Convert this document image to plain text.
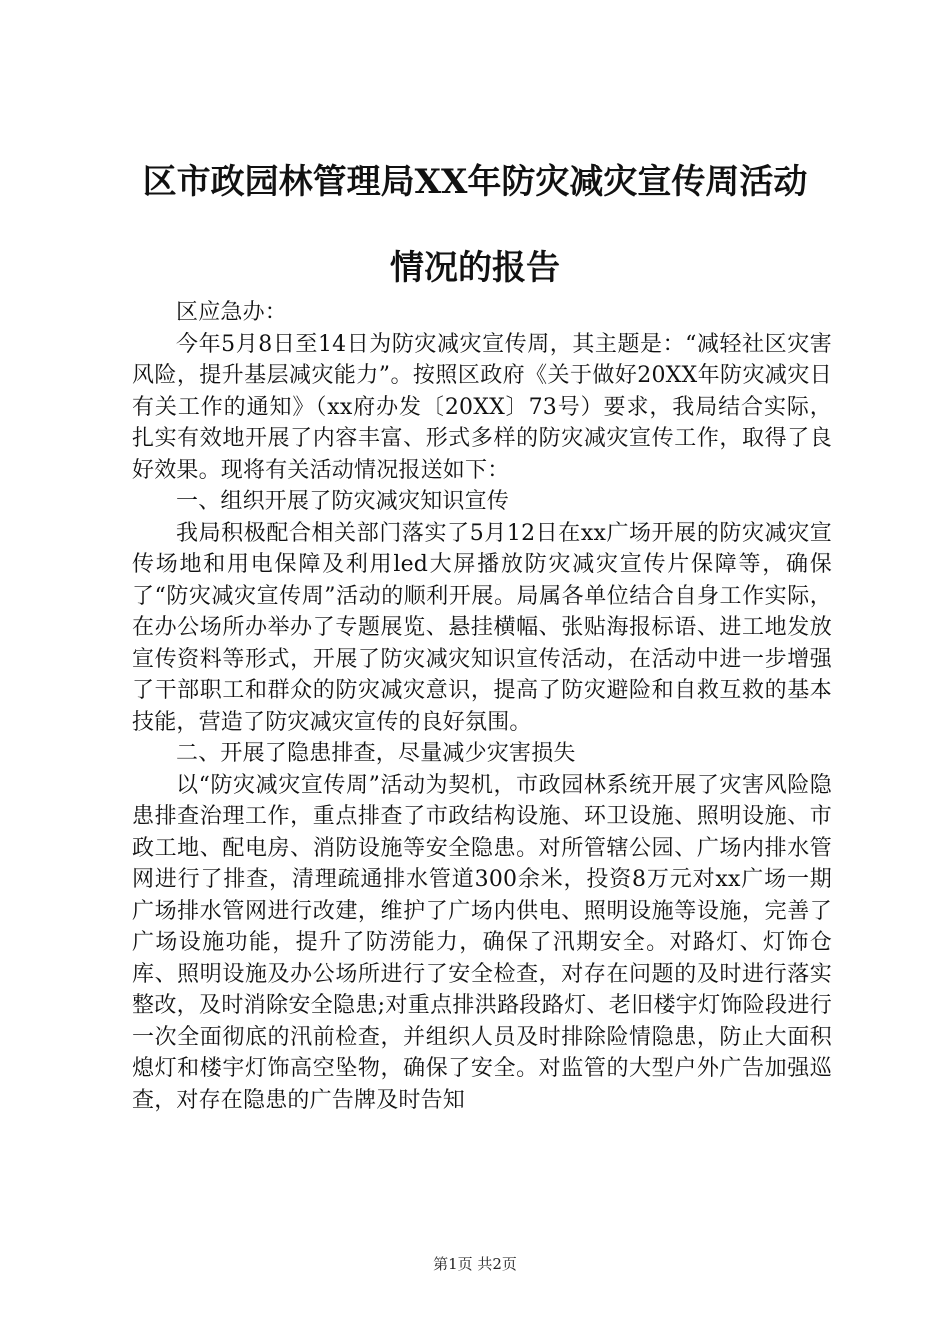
区市政园林管理局XX年防灾减灾宣传周活动
情况的报告

区应急办：

今年5月8日至14日为防灾减灾宣传周，其主题是：“减轻社区灾害风险，提升基层减灾能力”。按照区政府《关于做好20XX年防灾减灾日有关工作的通知》（xx府办发〔20XX〕73号）要求，我局结合实际，扎实有效地开展了内容丰富、形式多样的防灾减灾宣传工作，取得了良好效果。现将有关活动情况报送如下：

一、组织开展了防灾减灾知识宣传

我局积极配合相关部门落实了5月12日在xx广场开展的防灾减灾宣传场地和用电保障及利用led大屏播放防灾减灾宣传片保障等，确保了“防灾减灾宣传周”活动的顺利开展。局属各单位结合自身工作实际，在办公场所办举办了专题展览、悬挂横幅、张贴海报标语、进工地发放宣传资料等形式，开展了防灾减灾知识宣传活动，在活动中进一步增强了干部职工和群众的防灾减灾意识，提高了防灾避险和自救互救的基本技能，营造了防灾减灾宣传的良好氛围。

二、开展了隐患排查，尽量减少灾害损失

以“防灾减灾宣传周”活动为契机，市政园林系统开展了灾害风险隐患排查治理工作，重点排查了市政结构设施、环卫设施、照明设施、市政工地、配电房、消防设施等安全隐患。对所管辖公园、广场内排水管网进行了排查，清理疏通排水管道300余米，投资8万元对xx广场一期广场排水管网进行改建，维护了广场内供电、照明设施等设施，完善了广场设施功能，提升了防涝能力，确保了汛期安全。对路灯、灯饰仓库、照明设施及办公场所进行了安全检查，对存在问题的及时进行落实整改，及时消除安全隐患;对重点排洪路段路灯、老旧楼宇灯饰险段进行一次全面彻底的汛前检查，并组织人员及时排除险情隐患，防止大面积熄灯和楼宇灯饰高空坠物，确保了安全。对监管的大型户外广告加强巡查，对存在隐患的广告牌及时告知

第1页 共2页
